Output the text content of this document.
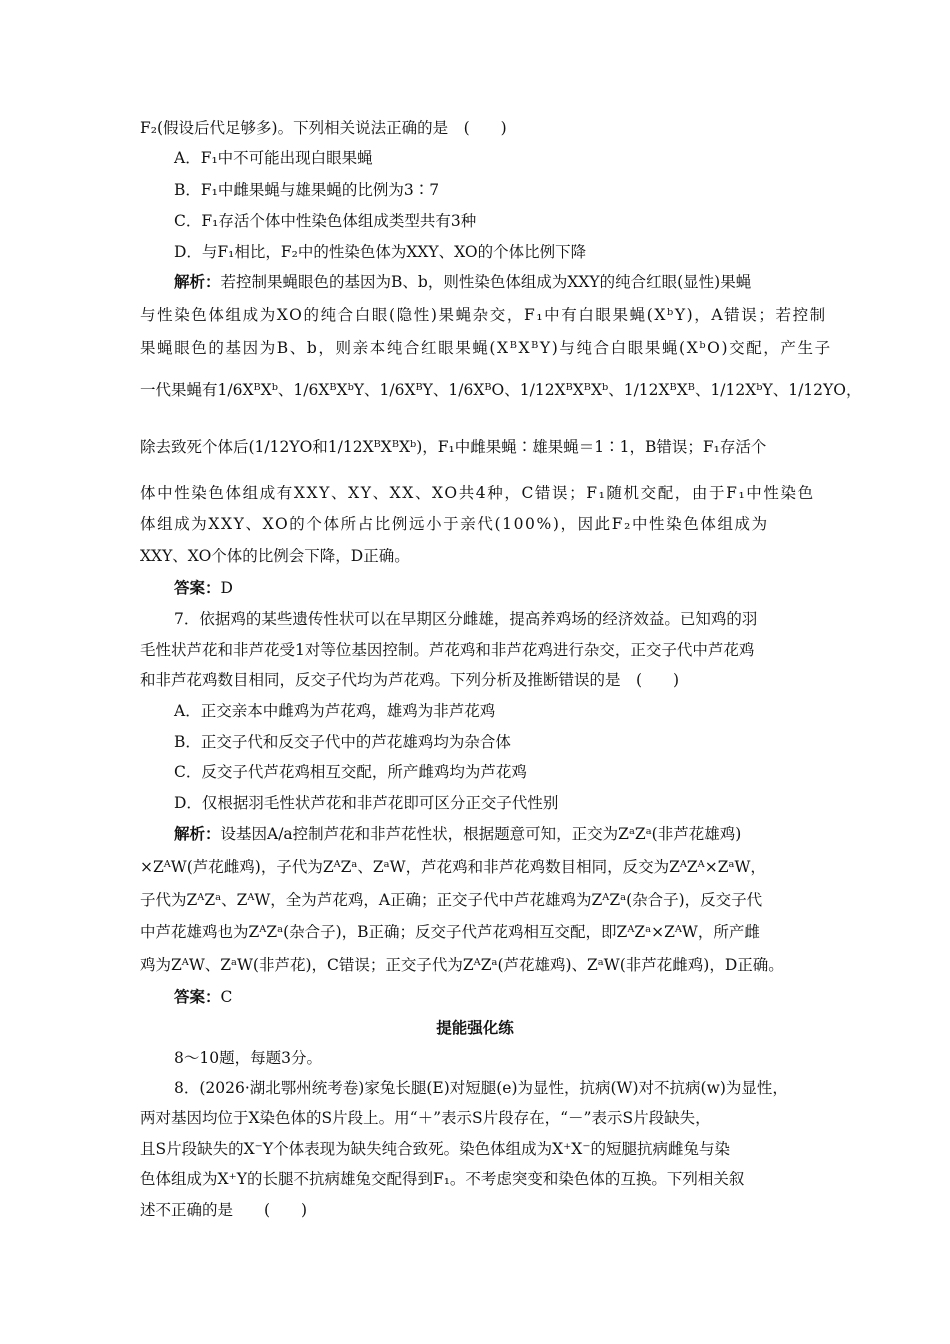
F₂(假设后代足够多)。下列相关说法正确的是　(　　)
A．F₁中不可能出现白眼果蝇
B．F₁中雌果蝇与雄果蝇的比例为3∶7
C．F₁存活个体中性染色体组成类型共有3种
D．与F₁相比，F₂中的性染色体为XXY、XO的个体比例下降
解析：若控制果蝇眼色的基因为B、b，则性染色体组成为XXY的纯合红眼(显性)果蝇
与性染色体组成为XO的纯合白眼(隐性)果蝇杂交，F₁中有白眼果蝇(XᵇY)，A错误；若控制
果蝇眼色的基因为B、b，则亲本纯合红眼果蝇(XᴮXᴮY)与纯合白眼果蝇(XᵇO)交配，产生子
一代果蝇有1/6XᴮXᵇ、1/6XᴮXᵇY、1/6XᴮY、1/6XᴮO、1/12XᴮXᴮXᵇ、1/12XᴮXᴮ、1/12XᵇY、1/12YO，
除去致死个体后(1/12YO和1/12XᴮXᴮXᵇ)，F₁中雌果蝇∶雄果蝇＝1∶1，B错误；F₁存活个
体中性染色体组成有XXY、XY、XX、XO共4种，C错误；F₁随机交配，由于F₁中性染色
体组成为XXY、XO的个体所占比例远小于亲代(100%)，因此F₂中性染色体组成为
XXY、XO个体的比例会下降，D正确。
答案：D
7．依据鸡的某些遗传性状可以在早期区分雌雄，提高养鸡场的经济效益。已知鸡的羽
毛性状芦花和非芦花受1对等位基因控制。芦花鸡和非芦花鸡进行杂交，正交子代中芦花鸡
和非芦花鸡数目相同，反交子代均为芦花鸡。下列分析及推断错误的是　(　　)
A．正交亲本中雌鸡为芦花鸡，雄鸡为非芦花鸡
B．正交子代和反交子代中的芦花雄鸡均为杂合体
C．反交子代芦花鸡相互交配，所产雌鸡均为芦花鸡
D．仅根据羽毛性状芦花和非芦花即可区分正交子代性别
解析：设基因A/a控制芦花和非芦花性状，根据题意可知，正交为ZᵃZᵃ(非芦花雄鸡)
×ZᴬW(芦花雌鸡)，子代为ZᴬZᵃ、ZᵃW，芦花鸡和非芦花鸡数目相同，反交为ZᴬZᴬ×ZᵃW，
子代为ZᴬZᵃ、ZᴬW，全为芦花鸡，A正确；正交子代中芦花雄鸡为ZᴬZᵃ(杂合子)，反交子代
中芦花雄鸡也为ZᴬZᵃ(杂合子)，B正确；反交子代芦花鸡相互交配，即ZᴬZᵃ×ZᴬW，所产雌
鸡为ZᴬW、ZᵃW(非芦花)，C错误；正交子代为ZᴬZᵃ(芦花雄鸡)、ZᵃW(非芦花雌鸡)，D正确。
答案：C
提能强化练
8～10题，每题3分。
8．(2026·湖北鄂州统考卷)家兔长腿(E)对短腿(e)为显性，抗病(W)对不抗病(w)为显性，
两对基因均位于X染色体的S片段上。用“＋”表示S片段存在，“－”表示S片段缺失，
且S片段缺失的X⁻Y个体表现为缺失纯合致死。染色体组成为X⁺X⁻的短腿抗病雌兔与染
色体组成为X⁺Y的长腿不抗病雄兔交配得到F₁。不考虑突变和染色体的互换。下列相关叙
述不正确的是　　(　　)
